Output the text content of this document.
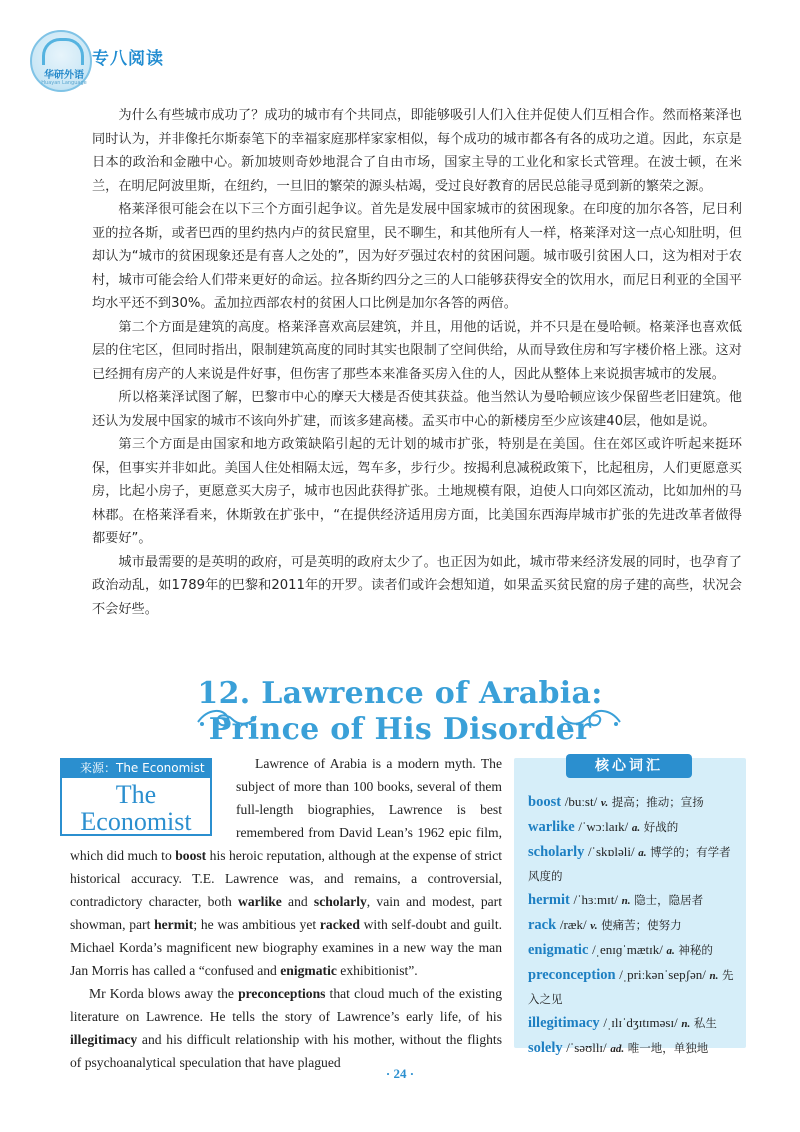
华研外语
Huayan Language
专八阅读

为什么有些城市成功了？成功的城市有个共同点，即能够吸引人们入住并促使人们互相合作。然而格莱泽也同时认为，并非像托尔斯泰笔下的幸福家庭那样家家相似，每个成功的城市都各有各的成功之道。因此，东京是日本的政治和金融中心。新加坡则奇妙地混合了自由市场，国家主导的工业化和家长式管理。在波士顿，在米兰，在明尼阿波里斯，在纽约，一旦旧的繁荣的源头枯竭，受过良好教育的居民总能寻觅到新的繁荣之源。

格莱泽很可能会在以下三个方面引起争议。首先是发展中国家城市的贫困现象。在印度的加尔各答，尼日利亚的拉各斯，或者巴西的里约热内卢的贫民窟里，民不聊生，和其他所有人一样，格莱泽对这一点心知肚明，但却认为“城市的贫困现象还是有喜人之处的”，因为好歹强过农村的贫困问题。城市吸引贫困人口，这为相对于农村，城市可能会给人们带来更好的命运。拉各斯约四分之三的人口能够获得安全的饮用水，而尼日利亚的全国平均水平还不到30%。孟加拉西部农村的贫困人口比例是加尔各答的两倍。

第二个方面是建筑的高度。格莱泽喜欢高层建筑，并且，用他的话说，并不只是在曼哈顿。格莱泽也喜欢低层的住宅区，但同时指出，限制建筑高度的同时其实也限制了空间供给，从而导致住房和写字楼价格上涨。这对已经拥有房产的人来说是件好事，但伤害了那些本来准备买房入住的人，因此从整体上来说损害城市的发展。

所以格莱泽试图了解，巴黎市中心的摩天大楼是否使其获益。他当然认为曼哈顿应该少保留些老旧建筑。他还认为发展中国家的城市不该向外扩建，而该多建高楼。孟买市中心的新楼房至少应该建40层，他如是说。

第三个方面是由国家和地方政策缺陷引起的无计划的城市扩张，特别是在美国。住在郊区或许听起来挺环保，但事实并非如此。美国人住处相隔太远，驾车多，步行少。按揭利息减税政策下，比起租房，人们更愿意买房，比起小房子，更愿意买大房子，城市也因此获得扩张。土地规模有限，迫使人口向郊区流动，比如加州的马林郡。在格莱泽看来，休斯敦在扩张中，“在提供经济适用房方面，比美国东西海岸城市扩张的先进改革者做得都要好”。

城市最需要的是英明的政府，可是英明的政府太少了。也正因为如此，城市带来经济发展的同时，也孕育了政治动乱，如1789年的巴黎和2011年的开罗。读者们或许会想知道，如果孟买贫民窟的房子建的高些，状况会不会好些。

12. Lawrence of Arabia:
Prince of His Disorder
来源：The Economist
The
Economist

Lawrence of Arabia is a modern myth. The subject of more than 100 books, several of them full-length biographies, Lawrence is best remembered from David Lean’s 1962 epic film, which did much to boost his heroic reputation, although at the expense of strict historical accuracy. T.E. Lawrence was, and remains, a controversial, contradictory character, both warlike and scholarly, vain and modest, part showman, part hermit; he was ambitious yet racked with self-doubt and guilt. Michael Korda’s magnificent new biography examines in a new way the man Jan Morris has called a “confused and enigmatic exhibitionist”.

Mr Korda blows away the preconceptions that cloud much of the existing literature on Lawrence. He tells the story of Lawrence’s early life, of his illegitimacy and his difficult relationship with his mother, without the flights of psychoanalytical speculation that have plagued

核心词汇
boost /buːst/ v. 提高；推动；宣扬
warlike /ˈwɔːlaɪk/ a. 好战的
scholarly /ˈskɒləli/ a. 博学的；有学者风度的
hermit /ˈhɜːmɪt/ n. 隐士，隐居者
rack /ræk/ v. 使痛苦；使努力
enigmatic /ˌenɪɡˈmætɪk/ a. 神秘的
preconception /ˌpriːkənˈsepʃən/ n. 先入之见
illegitimacy /ˌɪlɪˈdʒɪtɪməsɪ/ n. 私生
solely /ˈsəʊllɪ/ ad. 唯一地，单独地
· 24 ·
